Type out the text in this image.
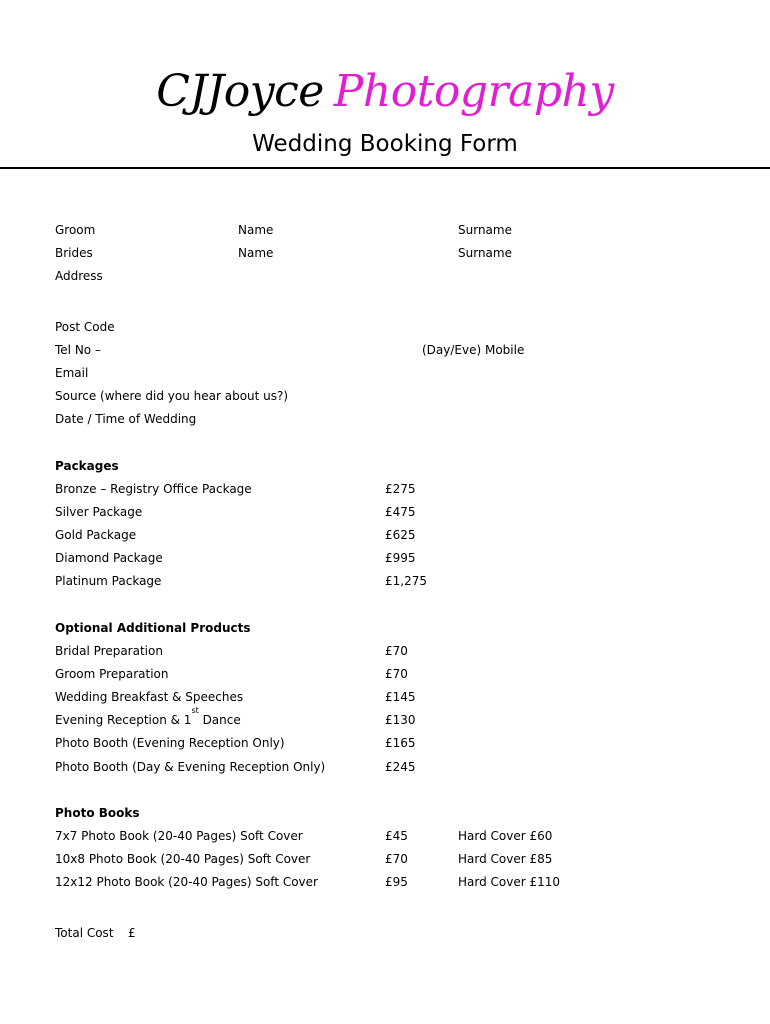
CJJoyce Photography
Wedding Booking Form
Groom	Name	Surname
Brides	Name	Surname
Address
Post Code
Tel No –	(Day/Eve) Mobile
Email
Source (where did you hear about us?)
Date / Time of Wedding
Packages
Bronze – Registry Office Package	£275
Silver Package	£475
Gold Package	£625
Diamond Package	£995
Platinum Package	£1,275
Optional Additional Products
Bridal Preparation	£70
Groom Preparation	£70
Wedding Breakfast & Speeches	£145
Evening Reception & 1st Dance	£130
Photo Booth (Evening Reception Only)	£165
Photo Booth (Day & Evening Reception Only)	£245
Photo Books
7x7 Photo Book (20-40 Pages) Soft Cover	£45	Hard Cover £60
10x8 Photo Book (20-40 Pages) Soft Cover	£70	Hard Cover £85
12x12 Photo Book (20-40 Pages) Soft Cover	£95	Hard Cover £110
Total Cost £
